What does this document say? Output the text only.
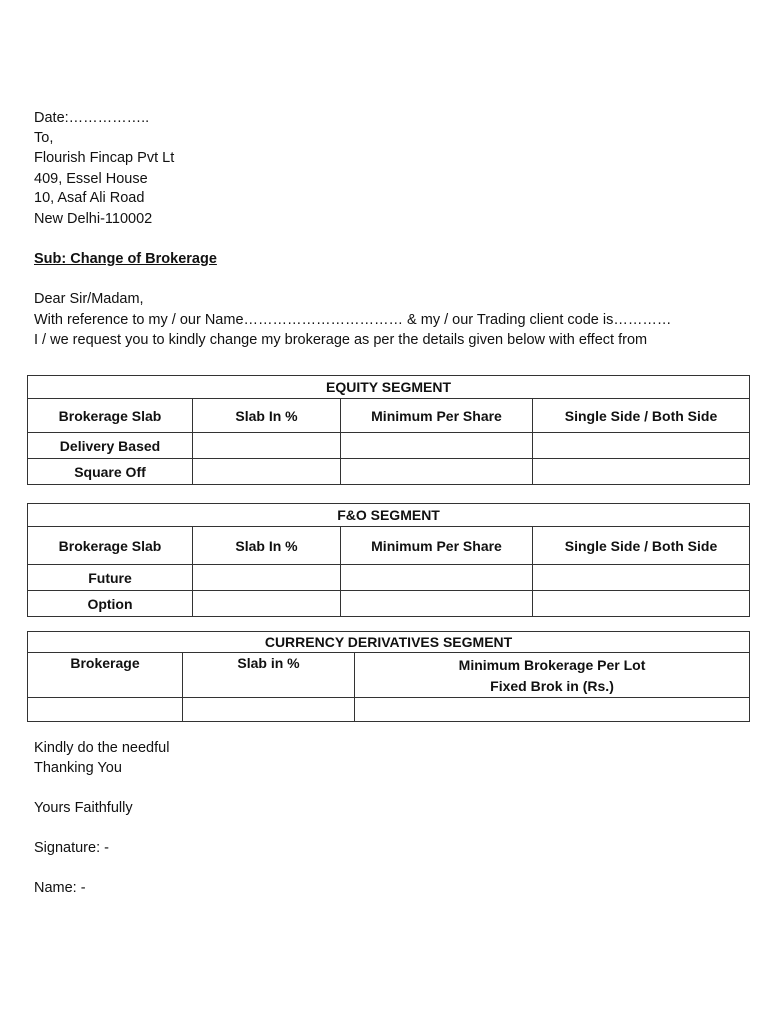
Date:……………..
To,
Flourish Fincap Pvt Lt
409, Essel House
10, Asaf Ali Road
New Delhi-110002
Sub: Change of Brokerage
Dear Sir/Madam,
With reference to my / our Name…………………………… & my / our Trading client code is…………
I / we request you to kindly change my brokerage as per the details given below with effect from
EQUITY SEGMENT			
Brokerage Slab	Slab In %	Minimum Per Share	Single Side / Both Side
Delivery Based			
Square Off			
F&O SEGMENT			
Brokerage Slab	Slab In %	Minimum Per Share	Single Side / Both Side
Future			
Option			
CURRENCY DERIVATIVES SEGMENT		
Brokerage	Slab in %	Minimum Brokerage Per Lot
Fixed Brok in (Rs.)

Kindly do the needful
Thanking You
Yours Faithfully
Signature: -
Name: -
